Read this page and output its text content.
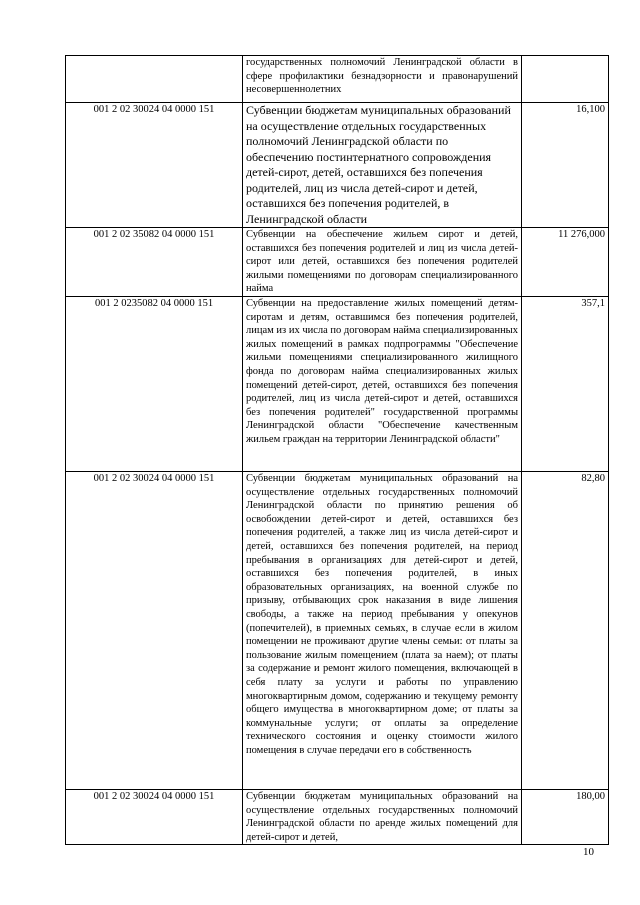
	государственных полномочий Ленинградской области в сфере профилактики безнадзорности и правонарушений несовершеннолетних	
001 2 02 30024 04 0000 151	Субвенции бюджетам муниципальных образований на осуществление отдельных государственных полномочий Ленинградской области по обеспечению постинтернатного сопровождения детей-сирот, детей, оставшихся без попечения родителей, лиц из числа детей-сирот и детей, оставшихся без попечения родителей, в Ленинградской области	16,100
001 2 02 35082 04 0000 151	Субвенции на обеспечение жильем сирот и детей, оставшихся без попечения родителей и лиц из числа детей-сирот или детей, оставшихся без попечения родителей жилыми помещениями по договорам специализированного найма	11 276,000
001 2 0235082 04 0000 151	Субвенции на предоставление жилых помещений детям-сиротам и детям, оставшимся без попечения родителей, лицам из их числа по договорам найма специализированных жилых помещений в рамках подпрограммы "Обеспечение жильми помещениями специализированного жилищного фонда по договорам найма специализированных жилых помещений детей-сирот, детей, оставшихся без попечения родителей, лиц из числа детей-сирот и детей, оставшихся без попечения родителей" государственной программы Ленинградской области "Обеспечение качественным жильем граждан на территории Ленинградской области"	357,1
001 2 02 30024 04 0000 151	Субвенции бюджетам муниципальных образований на осуществление отдельных государственных полномочий Ленинградской области по принятию решения об освобождении детей-сирот и детей, оставшихся без попечения родителей, а также лиц из числа детей-сирот и детей, оставшихся без попечения родителей, на период пребывания в организациях для детей-сирот и детей, оставшихся без попечения родителей, в иных образовательных организациях, на военной службе по призыву, отбывающих срок наказания в виде лишения свободы, а также на период пребывания у опекунов (попечителей), в приемных семьях, в случае если в жилом помещении не проживают другие члены семьи: от платы за пользование жилым помещением (плата за наем); от платы за содержание и ремонт жилого помещения, включающей в себя плату за услуги и работы по управлению многоквартирным домом, содержанию и текущему ремонту общего имущества в многоквартирном доме; от платы за коммунальные услуги; от оплаты за определение технического состояния и оценку стоимости жилого помещения в случае передачи его в собственность	82,80
001 2 02 30024 04 0000 151	Субвенции бюджетам муниципальных образований на осуществление отдельных государственных полномочий Ленинградской области по аренде жилых помещений для детей-сирот и детей,	180,00
10
